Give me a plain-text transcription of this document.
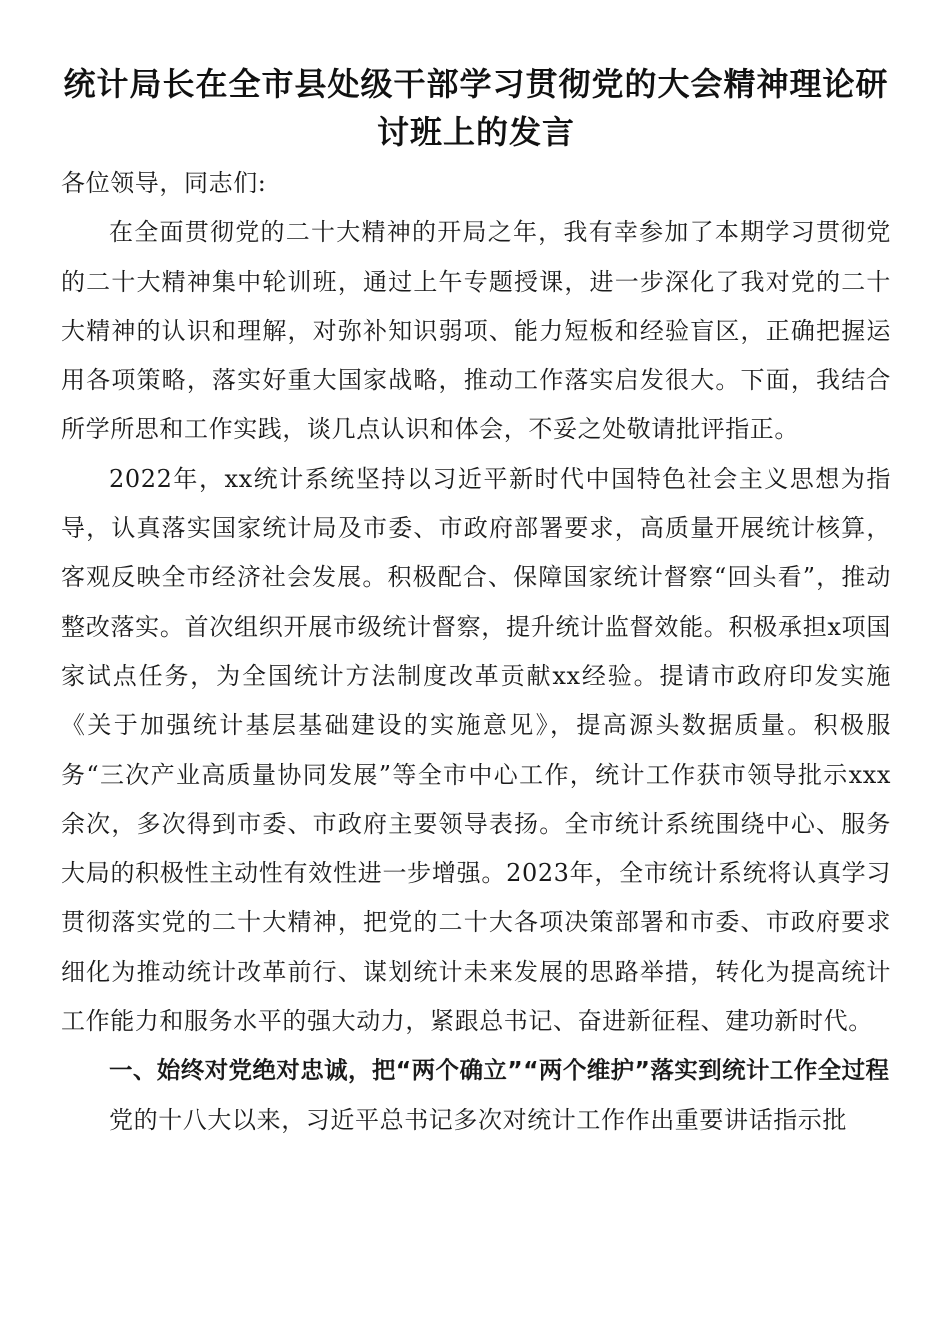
统计局长在全市县处级干部学习贯彻党的大会精神理论研讨班上的发言

各位领导，同志们:

在全面贯彻党的二十大精神的开局之年，我有幸参加了本期学习贯彻党的二十大精神集中轮训班，通过上午专题授课，进一步深化了我对党的二十大精神的认识和理解，对弥补知识弱项、能力短板和经验盲区，正确把握运用各项策略，落实好重大国家战略，推动工作落实启发很大。下面，我结合所学所思和工作实践，谈几点认识和体会，不妥之处敬请批评指正。

2022年，xx统计系统坚持以习近平新时代中国特色社会主义思想为指导，认真落实国家统计局及市委、市政府部署要求，高质量开展统计核算，客观反映全市经济社会发展。积极配合、保障国家统计督察“回头看”，推动整改落实。首次组织开展市级统计督察，提升统计监督效能。积极承担x项国家试点任务，为全国统计方法制度改革贡献xx经验。提请市政府印发实施《关于加强统计基层基础建设的实施意见》，提高源头数据质量。积极服务“三次产业高质量协同发展”等全市中心工作，统计工作获市领导批示xxx余次，多次得到市委、市政府主要领导表扬。全市统计系统围绕中心、服务大局的积极性主动性有效性进一步增强。2023年，全市统计系统将认真学习贯彻落实党的二十大精神，把党的二十大各项决策部署和市委、市政府要求细化为推动统计改革前行、谋划统计未来发展的思路举措，转化为提高统计工作能力和服务水平的强大动力，紧跟总书记、奋进新征程、建功新时代。

一、始终对党绝对忠诚，把“两个确立”“两个维护”落实到统计工作全过程

党的十八大以来，习近平总书记多次对统计工作作出重要讲话指示批
